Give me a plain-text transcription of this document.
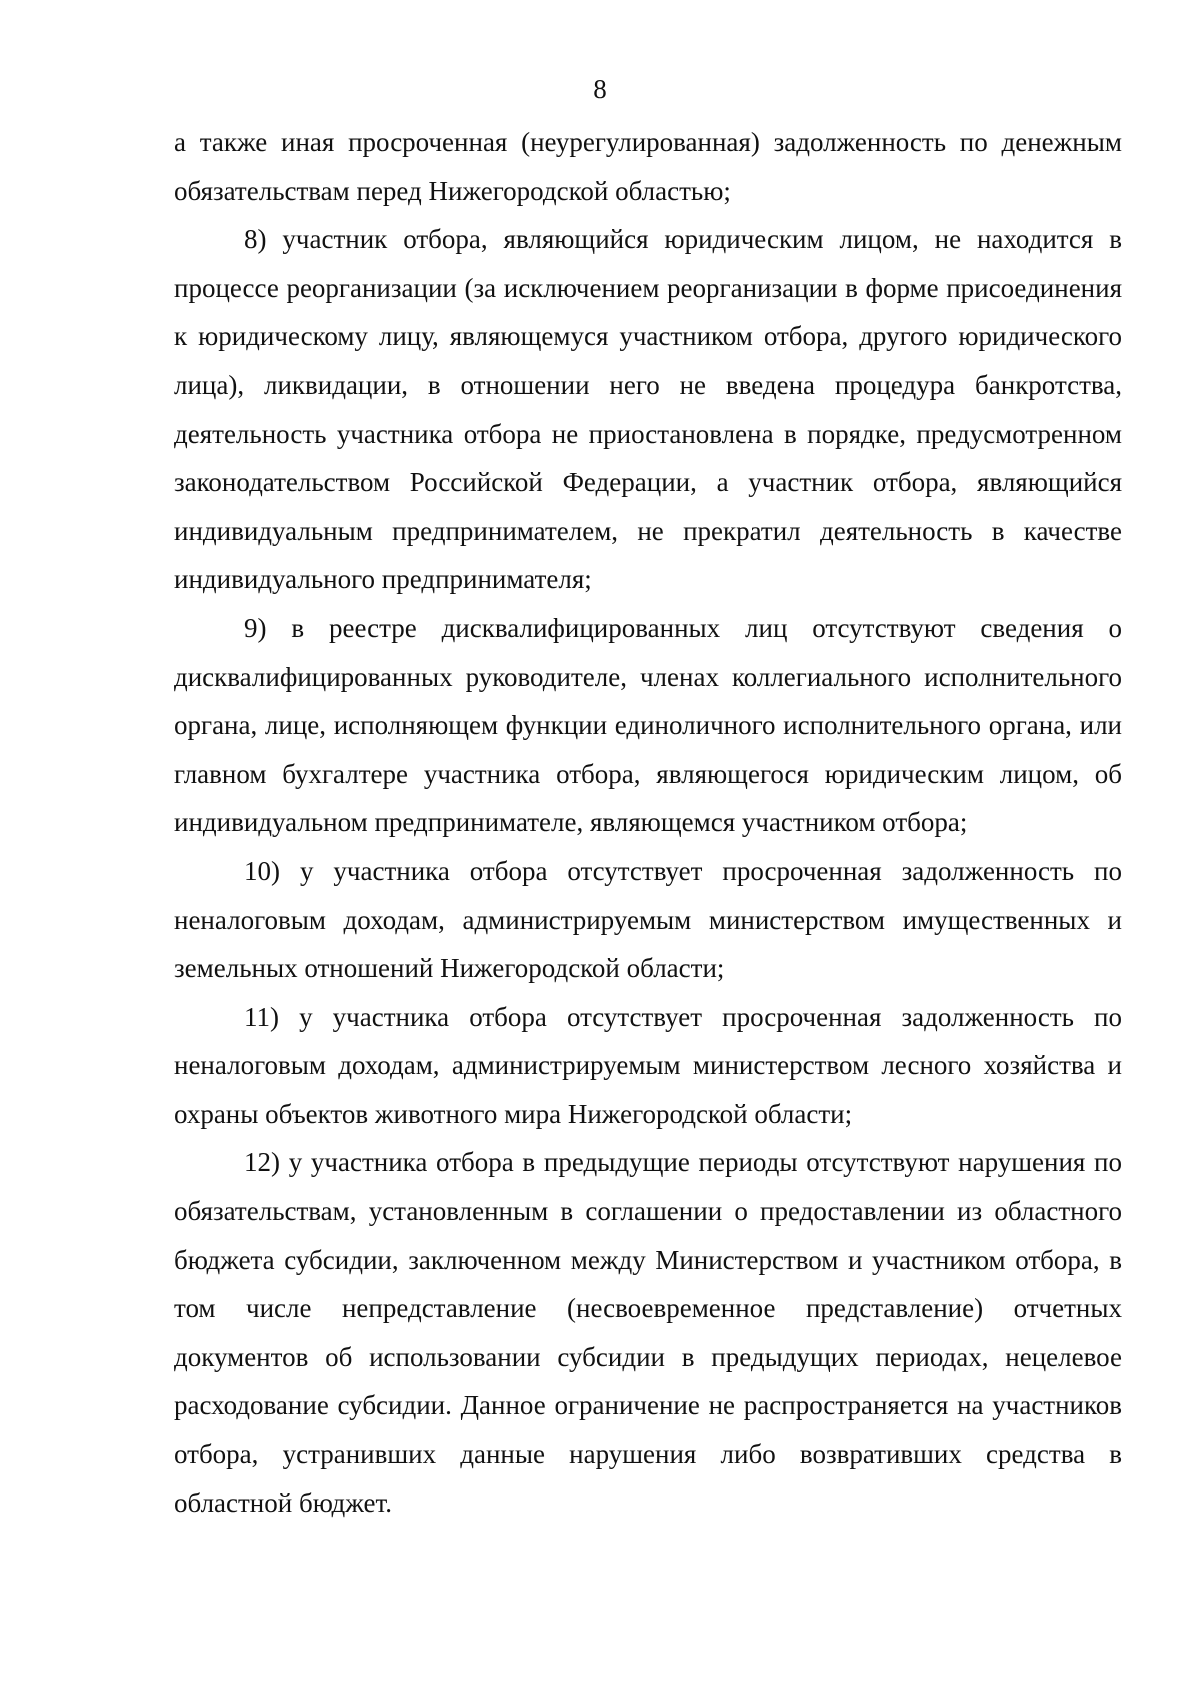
8

а также иная просроченная (неурегулированная) задолженность по денежным обязательствам перед Нижегородской областью;

8) участник отбора, являющийся юридическим лицом, не находится в процессе реорганизации (за исключением реорганизации в форме присоединения к юридическому лицу, являющемуся участником отбора, другого юридического лица), ликвидации, в отношении него не введена процедура банкротства, деятельность участника отбора не приостановлена в порядке, предусмотренном законодательством Российской Федерации, а участник отбора, являющийся индивидуальным предпринимателем, не прекратил деятельность в качестве индивидуального предпринимателя;

9) в реестре дисквалифицированных лиц отсутствуют сведения о дисквалифицированных руководителе, членах коллегиального исполнительного органа, лице, исполняющем функции единоличного исполнительного органа, или главном бухгалтере участника отбора, являющегося юридическим лицом, об индивидуальном предпринимателе, являющемся участником отбора;

10) у участника отбора отсутствует просроченная задолженность по неналоговым доходам, администрируемым министерством имущественных и земельных отношений Нижегородской области;

11) у участника отбора отсутствует просроченная задолженность по неналоговым доходам, администрируемым министерством лесного хозяйства и охраны объектов животного мира Нижегородской области;

12) у участника отбора в предыдущие периоды отсутствуют нарушения по обязательствам, установленным в соглашении о предоставлении из областного бюджета субсидии, заключенном между Министерством и участником отбора, в том числе непредставление (несвоевременное представление) отчетных документов об использовании субсидии в предыдущих периодах, нецелевое расходование субсидии. Данное ограничение не распространяется на участников отбора, устранивших данные нарушения либо возвративших средства в областной бюджет.
